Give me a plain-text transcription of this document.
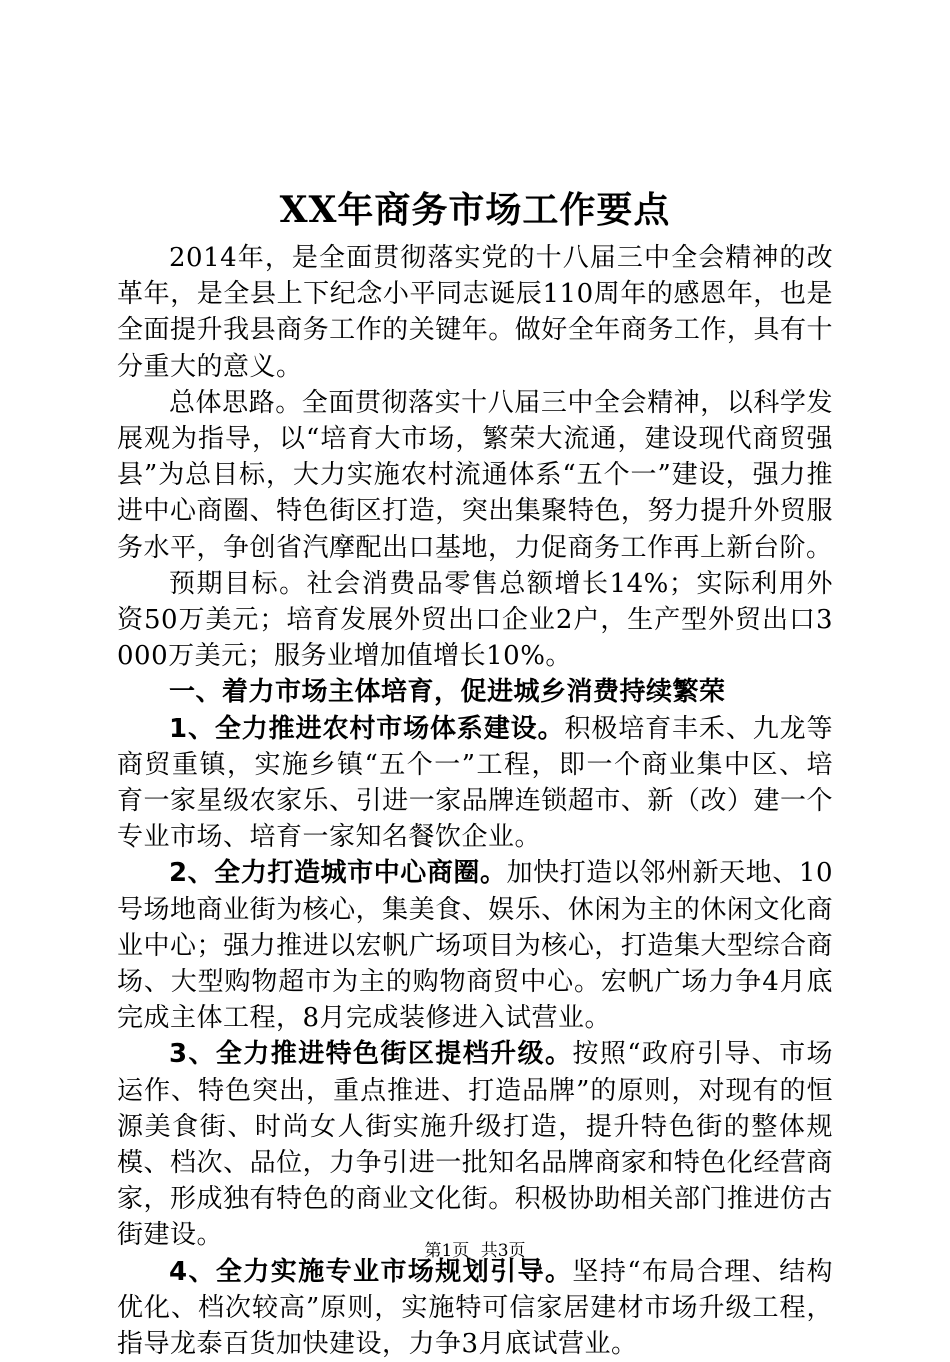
XX年商务市场工作要点

2014年，是全面贯彻落实党的十八届三中全会精神的改革年，是全县上下纪念小平同志诞辰110周年的感恩年，也是全面提升我县商务工作的关键年。做好全年商务工作，具有十分重大的意义。

总体思路。全面贯彻落实十八届三中全会精神，以科学发展观为指导，以“培育大市场，繁荣大流通，建设现代商贸强县”为总目标，大力实施农村流通体系“五个一”建设，强力推进中心商圈、特色街区打造，突出集聚特色，努力提升外贸服务水平，争创省汽摩配出口基地，力促商务工作再上新台阶。

预期目标。社会消费品零售总额增长14%；实际利用外资50万美元；培育发展外贸出口企业2户，生产型外贸出口3000万美元；服务业增加值增长10%。

一、着力市场主体培育，促进城乡消费持续繁荣

1、全力推进农村市场体系建设。积极培育丰禾、九龙等商贸重镇，实施乡镇“五个一”工程，即一个商业集中区、培育一家星级农家乐、引进一家品牌连锁超市、新（改）建一个专业市场、培育一家知名餐饮企业。

2、全力打造城市中心商圈。加快打造以邻州新天地、10号场地商业街为核心，集美食、娱乐、休闲为主的休闲文化商业中心；强力推进以宏帆广场项目为核心，打造集大型综合商场、大型购物超市为主的购物商贸中心。宏帆广场力争4月底完成主体工程，8月完成装修进入试营业。

3、全力推进特色街区提档升级。按照“政府引导、市场运作、特色突出，重点推进、打造品牌”的原则，对现有的恒源美食街、时尚女人街实施升级打造，提升特色街的整体规模、档次、品位，力争引进一批知名品牌商家和特色化经营商家，形成独有特色的商业文化街。积极协助相关部门推进仿古街建设。

4、全力实施专业市场规划引导。坚持“布局合理、结构优化、档次较高”原则，实施特可信家居建材市场升级工程，指导龙泰百货加快建设，力争3月底试营业。

第1页 共3页
